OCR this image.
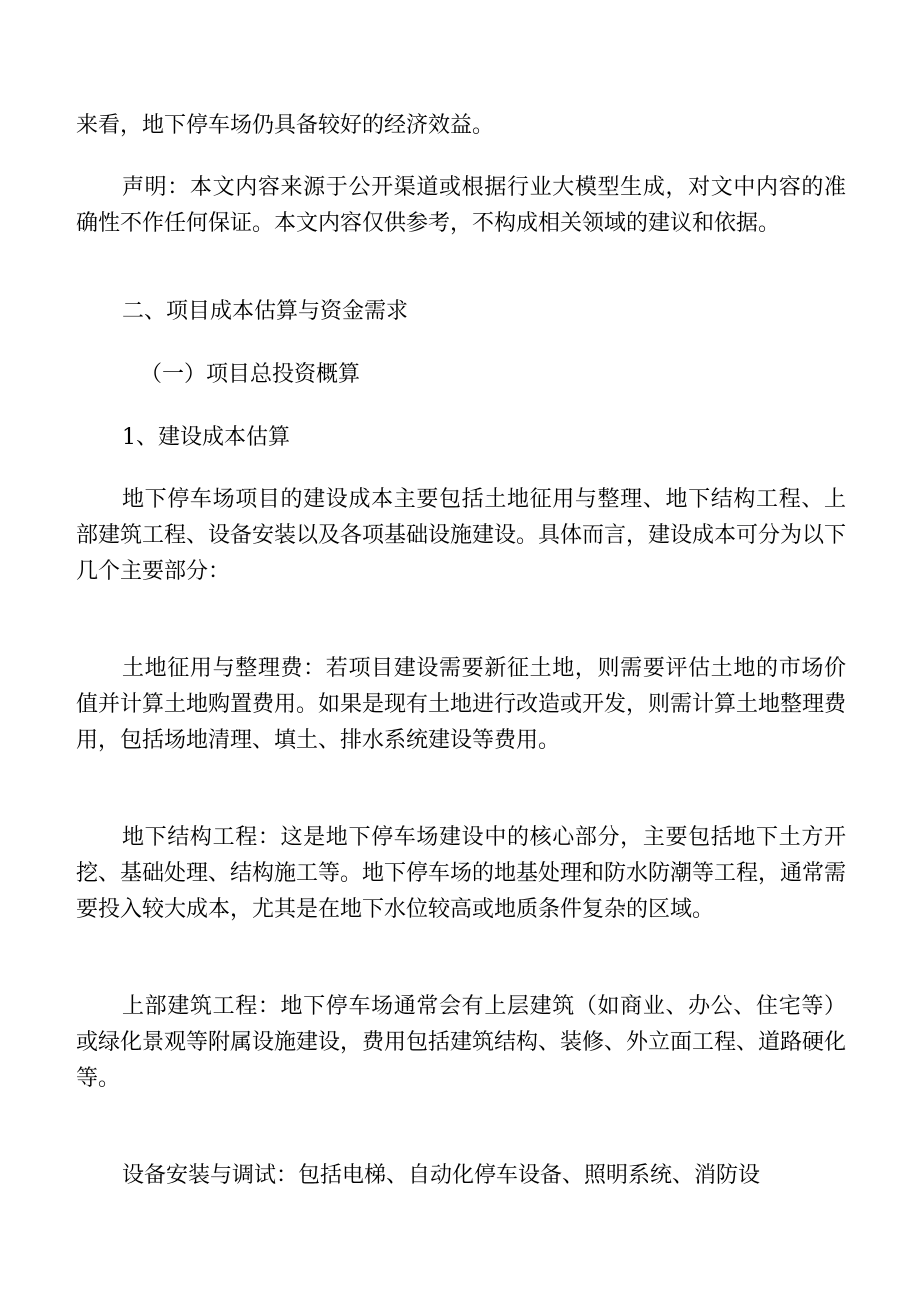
来看，地下停车场仍具备较好的经济效益。

声明：本文内容来源于公开渠道或根据行业大模型生成，对文中内容的准确性不作任何保证。本文内容仅供参考，不构成相关领域的建议和依据。

二、项目成本估算与资金需求

（一）项目总投资概算

1、建设成本估算

地下停车场项目的建设成本主要包括土地征用与整理、地下结构工程、上部建筑工程、设备安装以及各项基础设施建设。具体而言，建设成本可分为以下几个主要部分：

土地征用与整理费：若项目建设需要新征土地，则需要评估土地的市场价值并计算土地购置费用。如果是现有土地进行改造或开发，则需计算土地整理费用，包括场地清理、填土、排水系统建设等费用。

地下结构工程：这是地下停车场建设中的核心部分，主要包括地下土方开挖、基础处理、结构施工等。地下停车场的地基处理和防水防潮等工程，通常需要投入较大成本，尤其是在地下水位较高或地质条件复杂的区域。

上部建筑工程：地下停车场通常会有上层建筑（如商业、办公、住宅等）或绿化景观等附属设施建设，费用包括建筑结构、装修、外立面工程、道路硬化等。

设备安装与调试：包括电梯、自动化停车设备、照明系统、消防设
